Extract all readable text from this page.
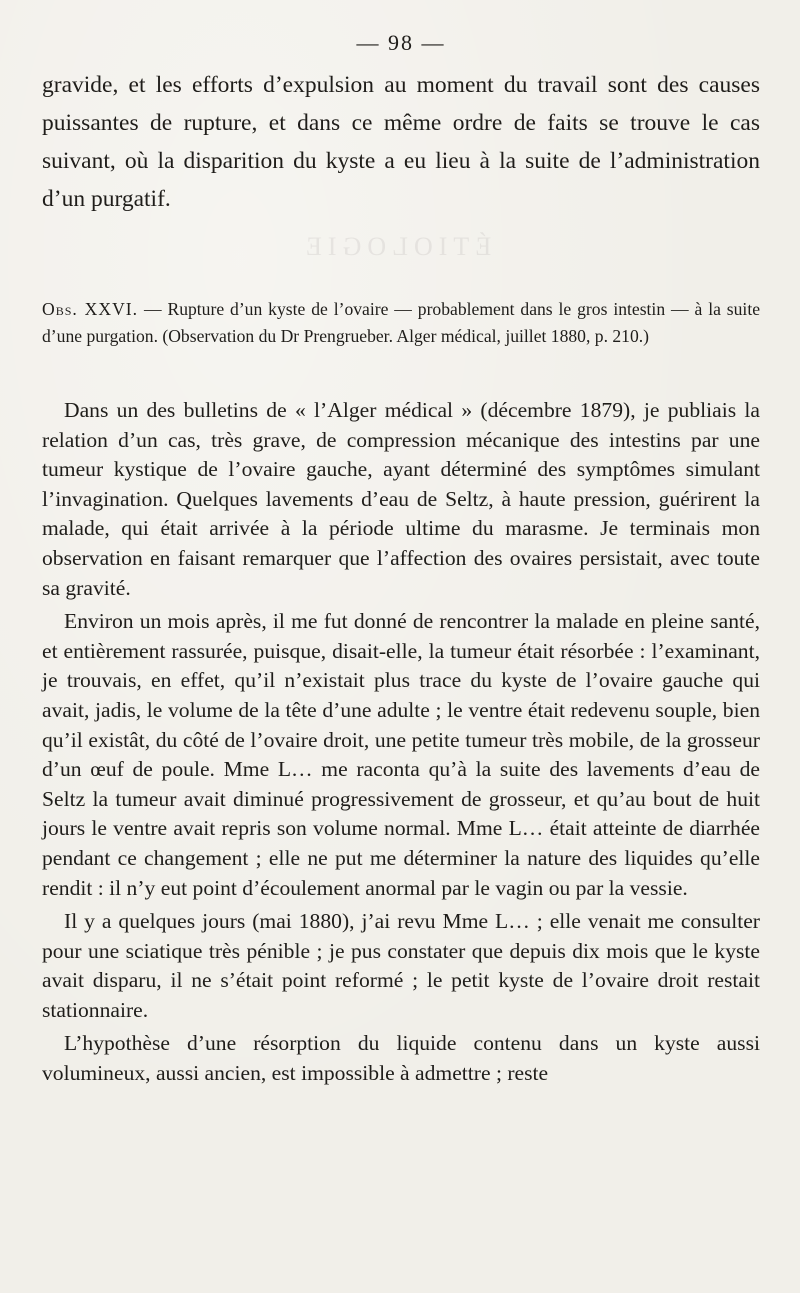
ÉTIOLOGIE
— 98 —

gravide, et les efforts d’expulsion au moment du travail sont des causes puissantes de rupture, et dans ce même ordre de faits se trouve le cas suivant, où la disparition du kyste a eu lieu à la suite de l’administration d’un purgatif.

Obs. XXVI. — Rupture d’un kyste de l’ovaire — probablement dans le gros intestin — à la suite d’une purgation. (Observation du Dr Prengrueber. Alger médical, juillet 1880, p. 210.)

Dans un des bulletins de « l’Alger médical » (décembre 1879), je publiais la relation d’un cas, très grave, de compression mécanique des intestins par une tumeur kystique de l’ovaire gauche, ayant déterminé des symptômes simulant l’invagination. Quelques lavements d’eau de Seltz, à haute pression, guérirent la malade, qui était arrivée à la période ultime du marasme. Je terminais mon observation en faisant remarquer que l’affection des ovaires persistait, avec toute sa gravité.

Environ un mois après, il me fut donné de rencontrer la malade en pleine santé, et entièrement rassurée, puisque, disait-elle, la tumeur était résorbée : l’examinant, je trouvais, en effet, qu’il n’existait plus trace du kyste de l’ovaire gauche qui avait, jadis, le volume de la tête d’une adulte ; le ventre était redevenu souple, bien qu’il existât, du côté de l’ovaire droit, une petite tumeur très mobile, de la grosseur d’un œuf de poule. Mme L… me raconta qu’à la suite des lavements d’eau de Seltz la tumeur avait diminué progressivement de grosseur, et qu’au bout de huit jours le ventre avait repris son volume normal. Mme L… était atteinte de diarrhée pendant ce changement ; elle ne put me déterminer la nature des liquides qu’elle rendit : il n’y eut point d’écoulement anormal par le vagin ou par la vessie.

Il y a quelques jours (mai 1880), j’ai revu Mme L… ; elle venait me consulter pour une sciatique très pénible ; je pus constater que depuis dix mois que le kyste avait disparu, il ne s’était point reformé ; le petit kyste de l’ovaire droit restait stationnaire.

L’hypothèse d’une résorption du liquide contenu dans un kyste aussi volumineux, aussi ancien, est impossible à admettre ; reste
